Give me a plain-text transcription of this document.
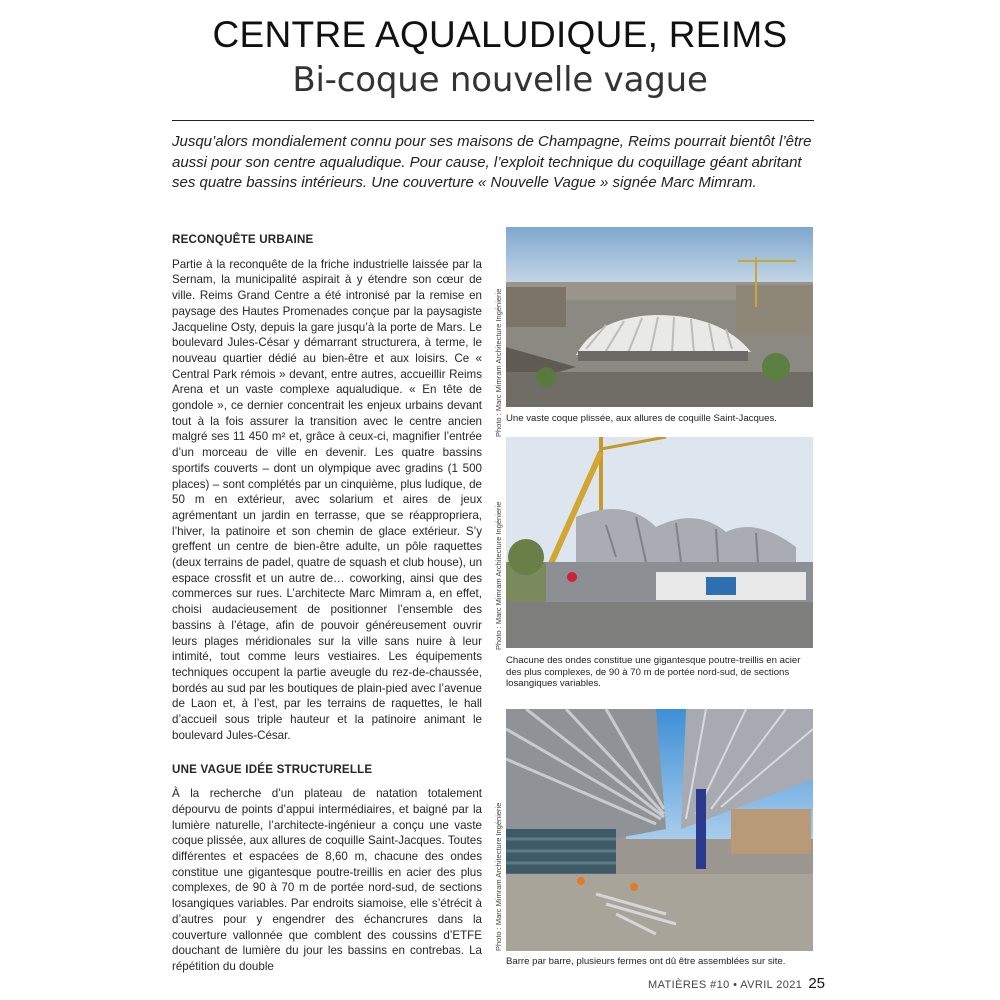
CENTRE AQUALUDIQUE, REIMS
Bi-coque nouvelle vague

Jusqu’alors mondialement connu pour ses maisons de Champagne, Reims pourrait bientôt l’être aussi pour son centre aqualudique. Pour cause, l’exploit technique du coquillage géant abritant ses quatre bassins intérieurs. Une couverture « Nouvelle Vague » signée Marc Mimram.

RECONQUÊTE URBAINE

Partie à la reconquête de la friche industrielle laissée par la Sernam, la municipalité aspirait à y étendre son cœur de ville. Reims Grand Centre a été intronisé par la remise en paysage des Hautes Promenades conçue par la paysagiste Jacqueline Osty, depuis la gare jusqu’à la porte de Mars. Le boulevard Jules-César y démarrant structurera, à terme, le nouveau quartier dédié au bien-être et aux loisirs. Ce « Central Park rémois » devant, entre autres, accueillir Reims Arena et un vaste complexe aqualudique. « En tête de gondole », ce dernier concentrait les enjeux urbains devant tout à la fois assurer la transition avec le centre ancien malgré ses 11 450 m² et, grâce à ceux-ci, magnifier l’entrée d’un morceau de ville en devenir. Les quatre bassins sportifs couverts – dont un olympique avec gradins (1 500 places) – sont complétés par un cinquième, plus ludique, de 50 m en extérieur, avec solarium et aires de jeux agrémentant un jardin en terrasse, que se réappropriera, l’hiver, la patinoire et son chemin de glace extérieur. S’y greffent un centre de bien-être adulte, un pôle raquettes (deux terrains de padel, quatre de squash et club house), un espace crossfit et un autre de… coworking, ainsi que des commerces sur rues. L’architecte Marc Mimram a, en effet, choisi audacieusement de positionner l’ensemble des bassins à l’étage, afin de pouvoir généreusement ouvrir leurs plages méridionales sur la ville sans nuire à leur intimité, tout comme leurs vestiaires. Les équipements techniques occupent la partie aveugle du rez-de-chaussée, bordés au sud par les boutiques de plain-pied avec l’avenue de Laon et, à l’est, par les terrains de raquettes, le hall d’accueil sous triple hauteur et la patinoire animant le boulevard Jules-César.

UNE VAGUE IDÉE STRUCTURELLE

À la recherche d’un plateau de natation totalement dépourvu de points d’appui intermédiaires, et baigné par la lumière naturelle, l’architecte-ingénieur a conçu une vaste coque plissée, aux allures de coquille Saint-Jacques. Toutes différentes et espacées de 8,60 m, chacune des ondes constitue une gigantesque poutre-treillis en acier des plus complexes, de 90 à 70 m de portée nord-sud, de sections losangiques variables. Par endroits siamoise, elle s’étrécit à d’autres pour y engendrer des échancrures dans la couverture vallonnée que comblent des coussins d’ETFE douchant de lumière du jour les bassins en contrebas. La répétition du double

Photo : Marc Mimram Architecture Ingénierie Une vaste coque plissée, aux allures de coquille Saint-Jacques.
Photo : Marc Mimram Architecture Ingénierie
Chacune des ondes constitue une gigantesque poutre-treillis en acier des plus complexes, de 90 à 70 m de portée nord-sud, de sections losangiques variables.
Photo : Marc Mimram Architecture Ingénierie
Barre par barre, plusieurs fermes ont dû être assemblées sur site.
MATIÈRES #10 • AVRIL 2021 25
